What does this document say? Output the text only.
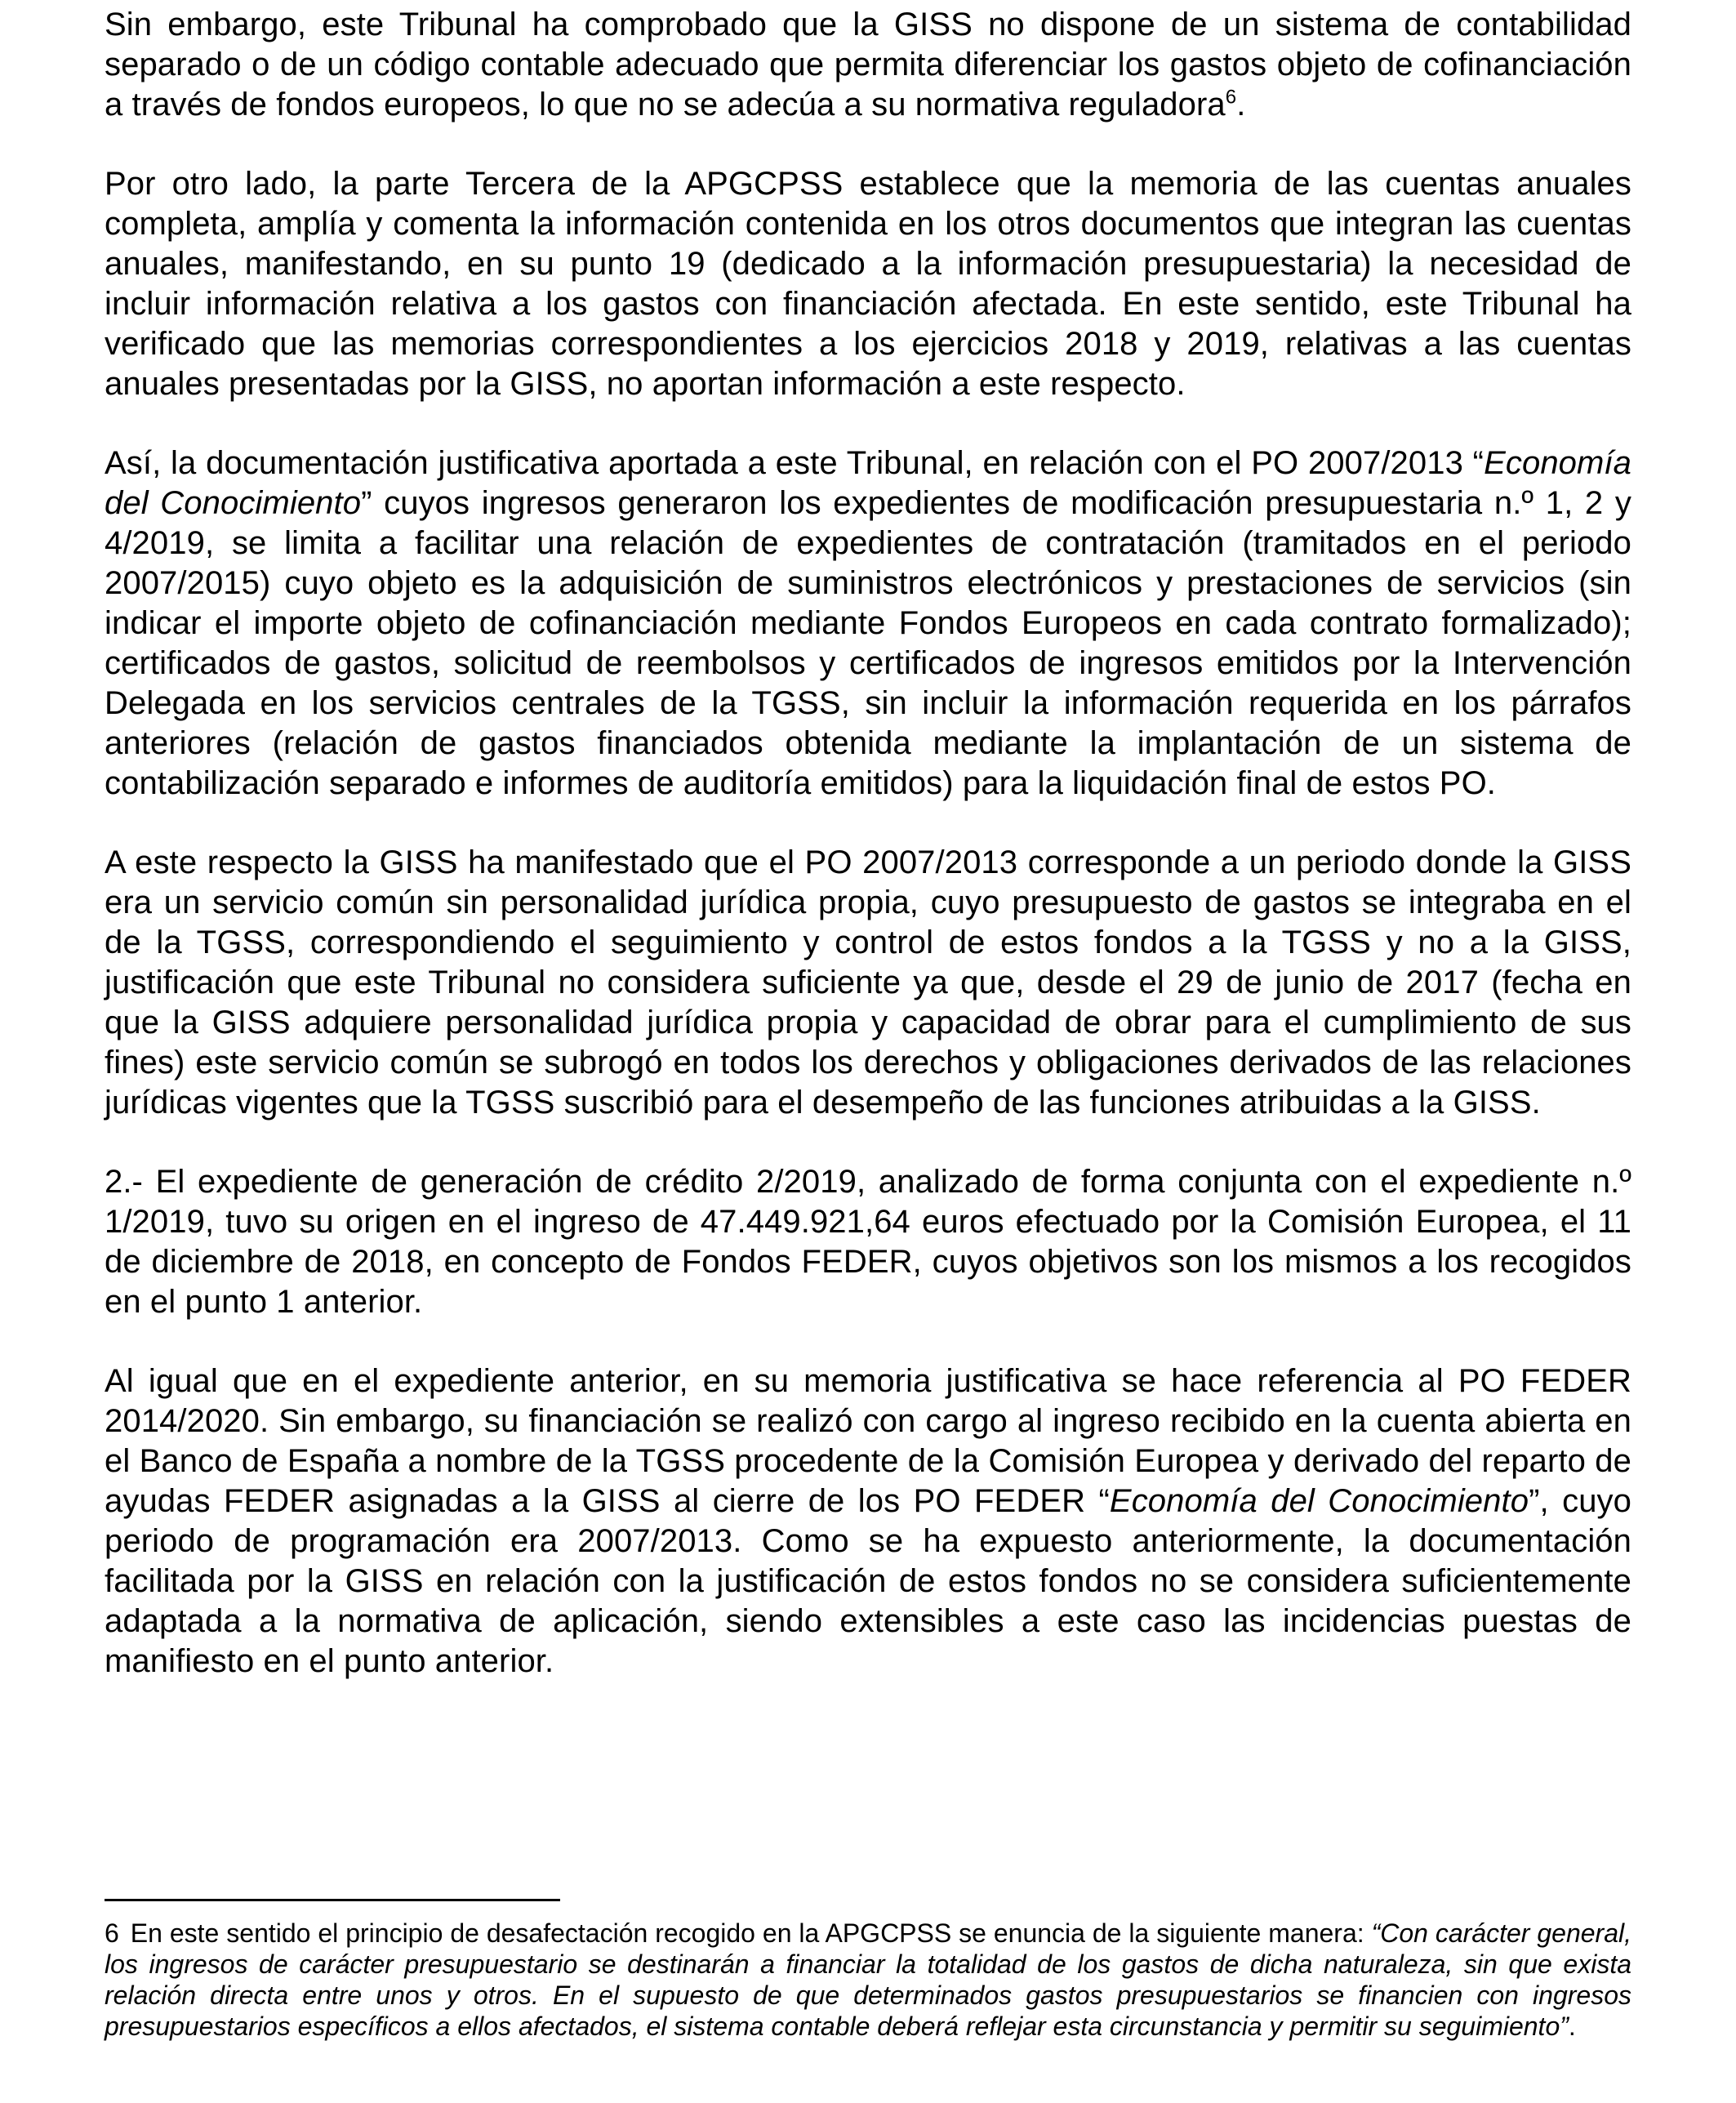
Sin embargo, este Tribunal ha comprobado que la GISS no dispone de un sistema de contabilidad separado o de un código contable adecuado que permita diferenciar los gastos objeto de cofinanciación a través de fondos europeos, lo que no se adecúa a su normativa reguladora$^6$.

Por otro lado, la parte Tercera de la APGCPSS establece que la memoria de las cuentas anuales completa, amplía y comenta la información contenida en los otros documentos que integran las cuentas anuales, manifestando, en su punto 19 (dedicado a la información presupuestaria) la necesidad de incluir información relativa a los gastos con financiación afectada. En este sentido, este Tribunal ha verificado que las memorias correspondientes a los ejercicios 2018 y 2019, relativas a las cuentas anuales presentadas por la GISS, no aportan información a este respecto.

Así, la documentación justificativa aportada a este Tribunal, en relación con el PO 2007/2013 “Economía del Conocimiento” cuyos ingresos generaron los expedientes de modificación presupuestaria n.º 1, 2 y 4/2019, se limita a facilitar una relación de expedientes de contratación (tramitados en el periodo 2007/2015) cuyo objeto es la adquisición de suministros electrónicos y prestaciones de servicios (sin indicar el importe objeto de cofinanciación mediante Fondos Europeos en cada contrato formalizado); certificados de gastos, solicitud de reembolsos y certificados de ingresos emitidos por la Intervención Delegada en los servicios centrales de la TGSS, sin incluir la información requerida en los párrafos anteriores (relación de gastos financiados obtenida mediante la implantación de un sistema de contabilización separado e informes de auditoría emitidos) para la liquidación final de estos PO.

A este respecto la GISS ha manifestado que el PO 2007/2013 corresponde a un periodo donde la GISS era un servicio común sin personalidad jurídica propia, cuyo presupuesto de gastos se integraba en el de la TGSS, correspondiendo el seguimiento y control de estos fondos a la TGSS y no a la GISS, justificación que este Tribunal no considera suficiente ya que, desde el 29 de junio de 2017 (fecha en que la GISS adquiere personalidad jurídica propia y capacidad de obrar para el cumplimiento de sus fines) este servicio común se subrogó en todos los derechos y obligaciones derivados de las relaciones jurídicas vigentes que la TGSS suscribió para el desempeño de las funciones atribuidas a la GISS.

2.- El expediente de generación de crédito 2/2019, analizado de forma conjunta con el expediente n.º 1/2019, tuvo su origen en el ingreso de 47.449.921,64 euros efectuado por la Comisión Europea, el 11 de diciembre de 2018, en concepto de Fondos FEDER, cuyos objetivos son los mismos a los recogidos en el punto 1 anterior.

Al igual que en el expediente anterior, en su memoria justificativa se hace referencia al PO FEDER 2014/2020. Sin embargo, su financiación se realizó con cargo al ingreso recibido en la cuenta abierta en el Banco de España a nombre de la TGSS procedente de la Comisión Europea y derivado del reparto de ayudas FEDER asignadas a la GISS al cierre de los PO FEDER “Economía del Conocimiento”, cuyo periodo de programación era 2007/2013. Como se ha expuesto anteriormente, la documentación facilitada por la GISS en relación con la justificación de estos fondos no se considera suficientemente adaptada a la normativa de aplicación, siendo extensibles a este caso las incidencias puestas de manifiesto en el punto anterior.

6 En este sentido el principio de desafectación recogido en la APGCPSS se enuncia de la siguiente manera: “Con carácter general, los ingresos de carácter presupuestario se destinarán a financiar la totalidad de los gastos de dicha naturaleza, sin que exista relación directa entre unos y otros. En el supuesto de que determinados gastos presupuestarios se financien con ingresos presupuestarios específicos a ellos afectados, el sistema contable deberá reflejar esta circunstancia y permitir su seguimiento”.
